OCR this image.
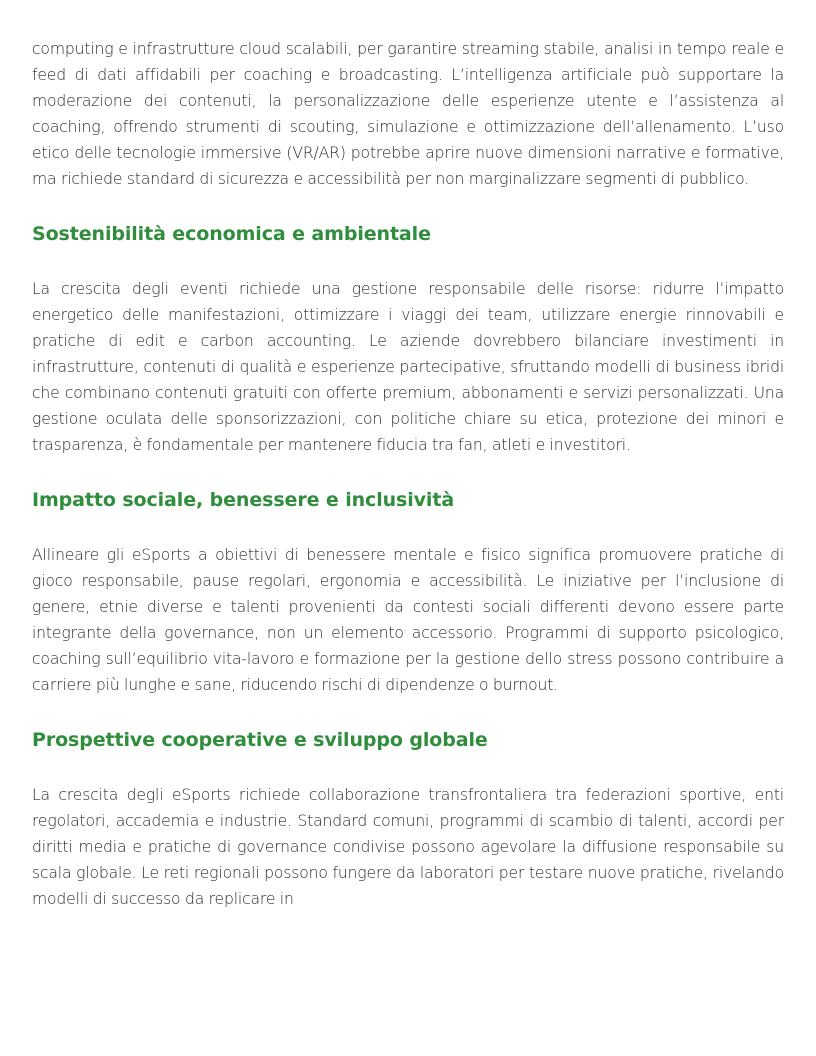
computing e infrastrutture cloud scalabili, per garantire streaming stabile, analisi in tempo reale e feed di dati affidabili per coaching e broadcasting. L’intelligenza artificiale può supportare la moderazione dei contenuti, la personalizzazione delle esperienze utente e l’assistenza al coaching, offrendo strumenti di scouting, simulazione e ottimizzazione dell’allenamento. L’uso etico delle tecnologie immersive (VR/AR) potrebbe aprire nuove dimensioni narrative e formative, ma richiede standard di sicurezza e accessibilità per non marginalizzare segmenti di pubblico.

Sostenibilità economica e ambientale

La crescita degli eventi richiede una gestione responsabile delle risorse: ridurre l’impatto energetico delle manifestazioni, ottimizzare i viaggi dei team, utilizzare energie rinnovabili e pratiche di edit e carbon accounting. Le aziende dovrebbero bilanciare investimenti in infrastrutture, contenuti di qualità e esperienze partecipative, sfruttando modelli di business ibridi che combinano contenuti gratuiti con offerte premium, abbonamenti e servizi personalizzati. Una gestione oculata delle sponsorizzazioni, con politiche chiare su etica, protezione dei minori e trasparenza, è fondamentale per mantenere fiducia tra fan, atleti e investitori.

Impatto sociale, benessere e inclusività

Allineare gli eSports a obiettivi di benessere mentale e fisico significa promuovere pratiche di gioco responsabile, pause regolari, ergonomia e accessibilità. Le iniziative per l’inclusione di genere, etnie diverse e talenti provenienti da contesti sociali differenti devono essere parte integrante della governance, non un elemento accessorio. Programmi di supporto psicologico, coaching sull’equilibrio vita-lavoro e formazione per la gestione dello stress possono contribuire a carriere più lunghe e sane, riducendo rischi di dipendenze o burnout.

Prospettive cooperative e sviluppo globale

La crescita degli eSports richiede collaborazione transfrontaliera tra federazioni sportive, enti regolatori, accademia e industrie. Standard comuni, programmi di scambio di talenti, accordi per diritti media e pratiche di governance condivise possono agevolare la diffusione responsabile su scala globale. Le reti regionali possono fungere da laboratori per testare nuove pratiche, rivelando modelli di successo da replicare in
